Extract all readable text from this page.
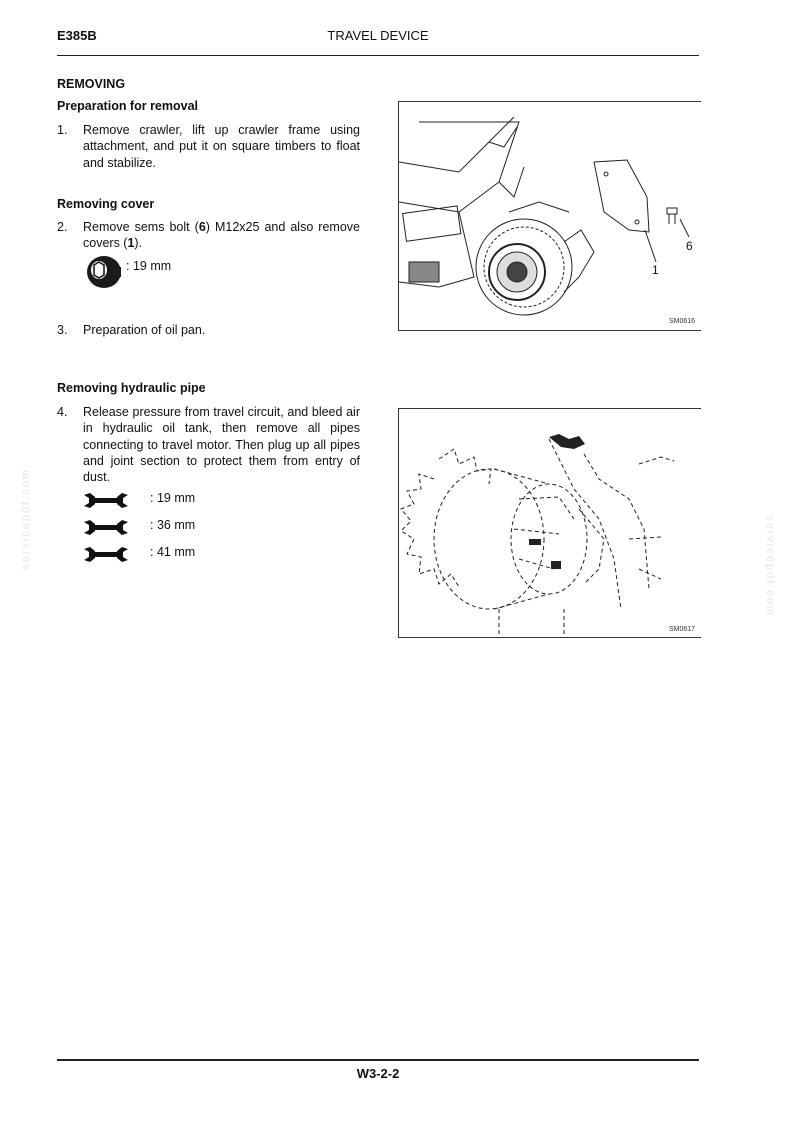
E385B	TRAVEL DEVICE
servicepdf.com	servicepdf.com
REMOVING
Preparation for removal
1. Remove crawler, lift up crawler frame using attachment, and put it on square timbers to float and stabilize.
Removing cover
2. Remove sems bolt (6) M12x25 and also remove covers (1).
: 19 mm
3. Preparation of oil pan.
Removing hydraulic pipe
4. Release pressure from travel circuit, and bleed air in hydraulic oil tank, then remove all pipes connecting to travel motor. Then plug up all pipes and joint section to protect them from entry of dust.
: 19 mm
: 36 mm
: 41 mm
6
1
SM0616
SM0617
W3-2-2
